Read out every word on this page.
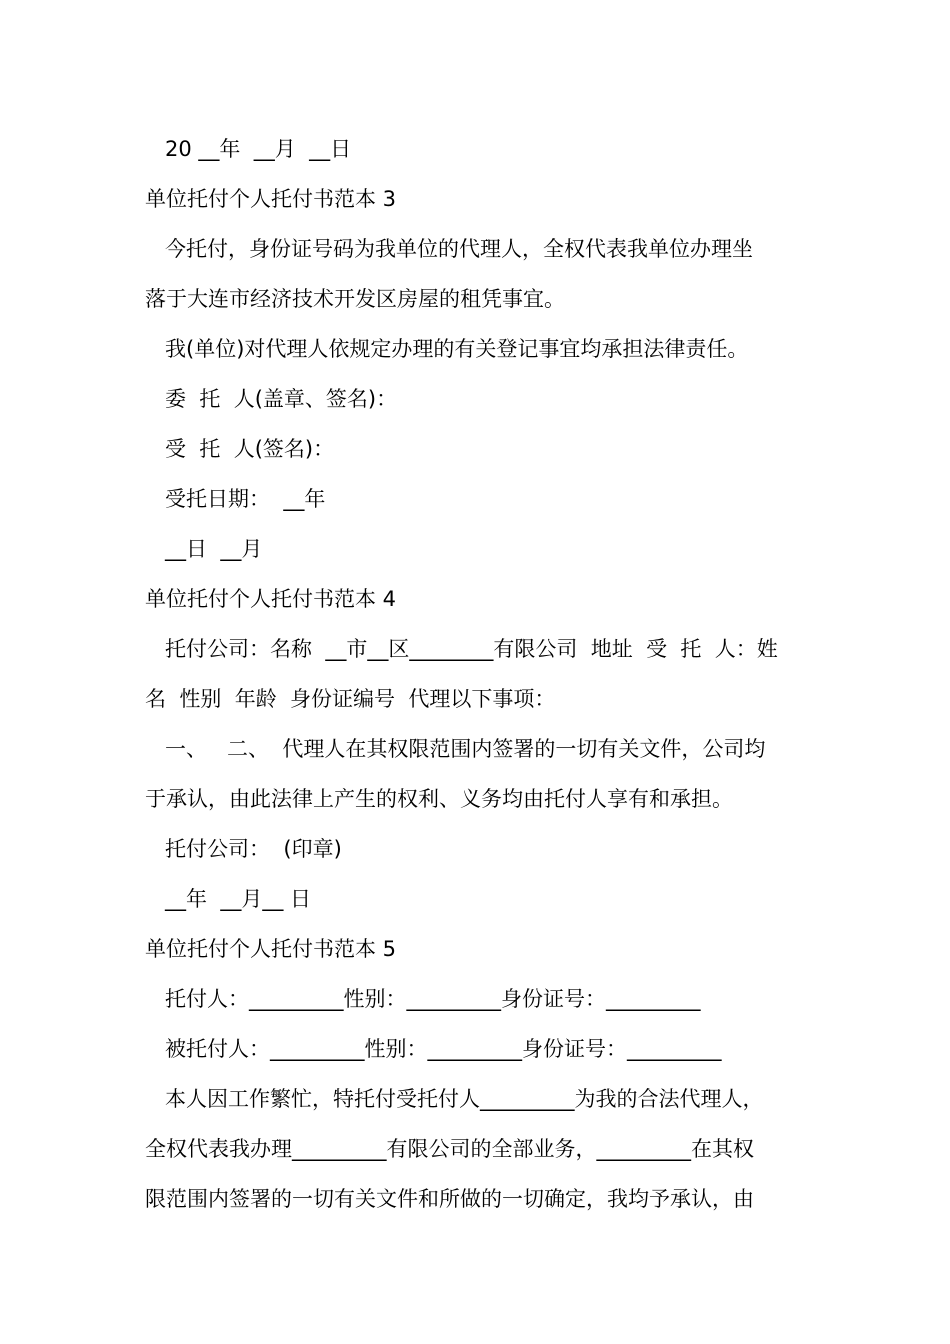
20 __年  __月  __日
单位托付个人托付书范本 3
今托付，身份证号码为我单位的代理人，全权代表我单位办理坐
落于大连市经济技术开发区房屋的租凭事宜。
我(单位)对代理人依规定办理的有关登记事宜均承担法律责任。
委  托  人(盖章、签名)：
受  托  人(签名)：
受托日期：  __年
__日  __月
单位托付个人托付书范本 4
托付公司：名称  __市__区________有限公司  地址  受  托  人：姓
名  性别  年龄  身份证编号  代理以下事项：
一、   二、  代理人在其权限范围内签署的一切有关文件，公司均
于承认，由此法律上产生的权利、义务均由托付人享有和承担。
托付公司：  (印章)
__年  __月__ 日
单位托付个人托付书范本 5
托付人：_________性别：_________身份证号：_________
被托付人：_________性别：_________身份证号：_________
本人因工作繁忙，特托付受托付人_________为我的合法代理人，
全权代表我办理_________有限公司的全部业务，_________在其权
限范围内签署的一切有关文件和所做的一切确定，我均予承认，由
